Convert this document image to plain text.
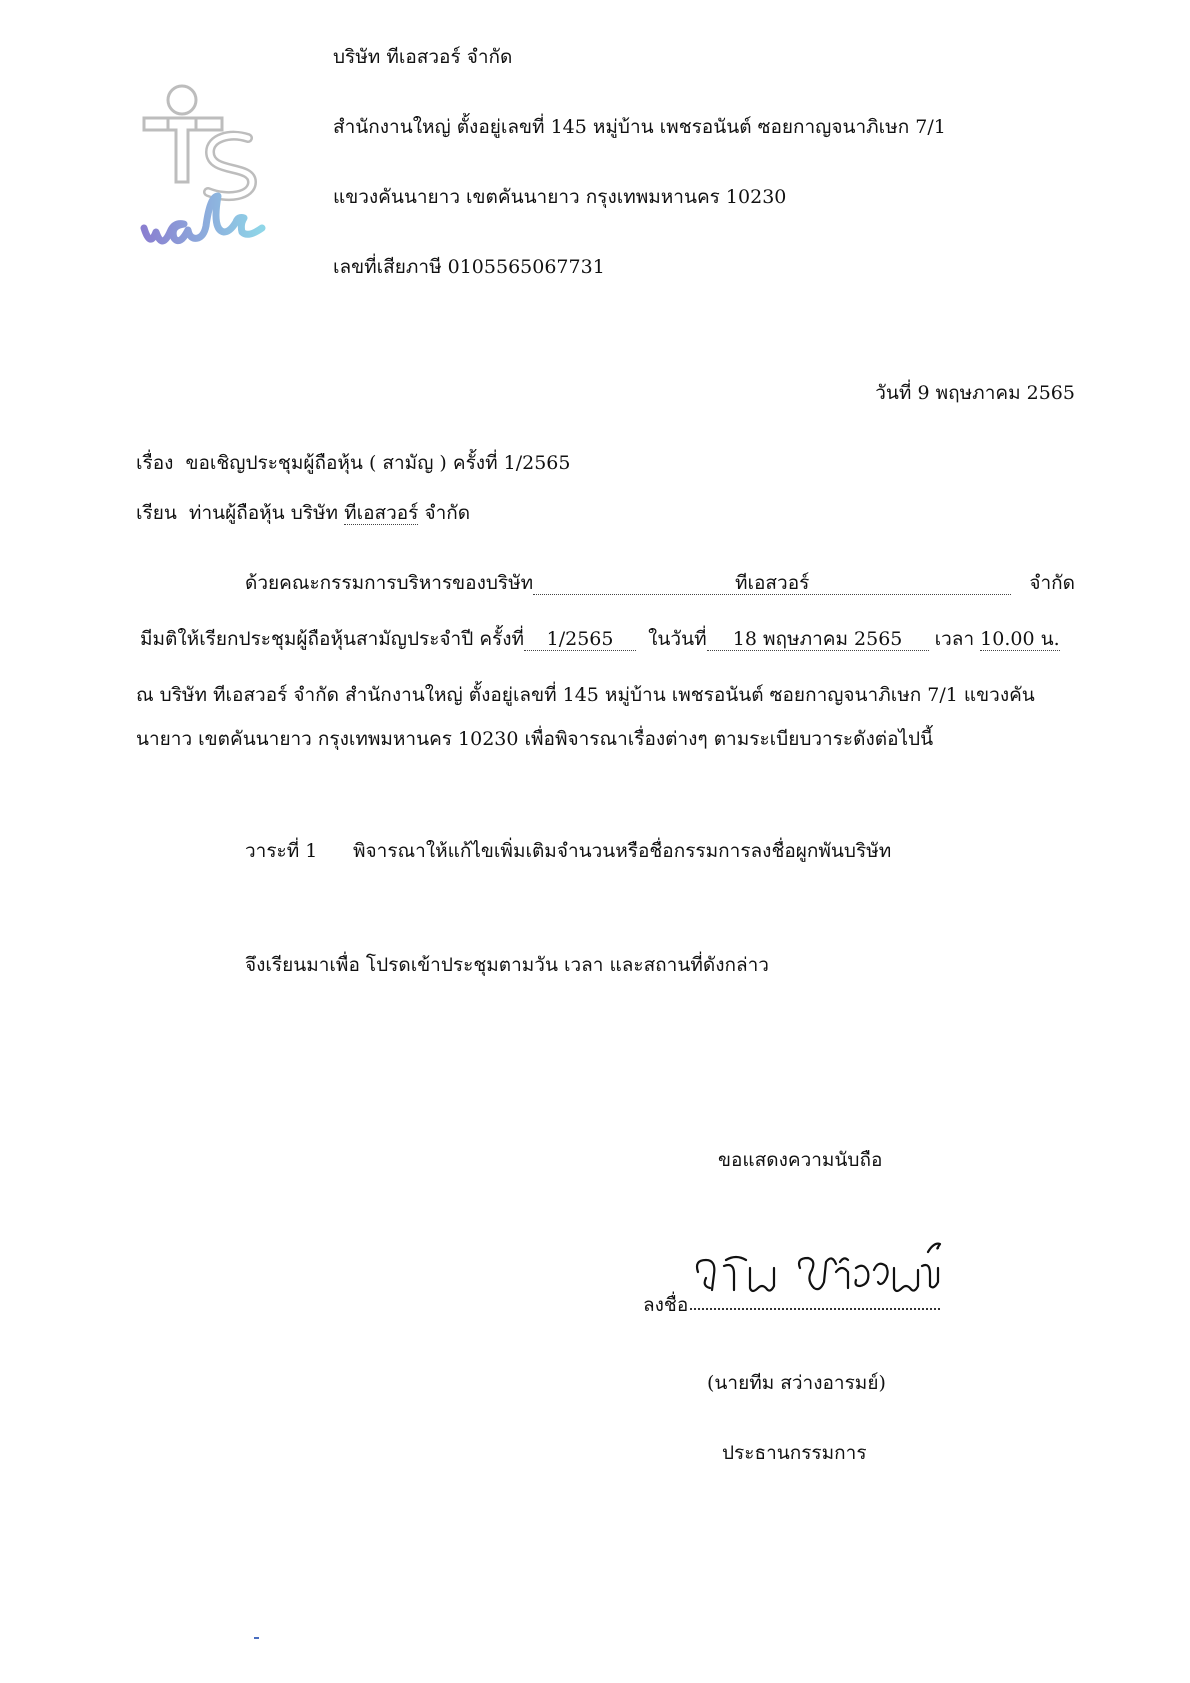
บริษัท ทีเอสวอร์ จำกัด
สำนักงานใหญ่ ตั้งอยู่เลขที่ 145 หมู่บ้าน เพชรอนันต์ ซอยกาญจนาภิเษก 7/1
แขวงคันนายาว เขตคันนายาว กรุงเทพมหานคร 10230
เลขที่เสียภาษี 0105565067731
วันที่ 9 พฤษภาคม 2565
เรื่อง ขอเชิญประชุมผู้ถือหุ้น ( สามัญ ) ครั้งที่ 1/2565
เรียน ท่านผู้ถือหุ้น บริษัท ทีเอสวอร์ จำกัด
ด้วยคณะกรรมการบริหารของบริษัท	ทีเอสวอร์	จำกัด
มีมติให้เรียกประชุมผู้ถือหุ้นสามัญประจำปี ครั้งที่ 1/2565 ในวันที่ 18 พฤษภาคม 2565 เวลา 10.00 น.
ณ บริษัท ทีเอสวอร์ จำกัด สำนักงานใหญ่ ตั้งอยู่เลขที่ 145 หมู่บ้าน เพชรอนันต์ ซอยกาญจนาภิเษก 7/1 แขวงคัน
นายาว เขตคันนายาว กรุงเทพมหานคร 10230 เพื่อพิจารณาเรื่องต่างๆ ตามระเบียบวาระดังต่อไปนี้
วาระที่ 1 พิจารณาให้แก้ไขเพิ่มเติมจำนวนหรือชื่อกรรมการลงชื่อผูกพันบริษัท
จึงเรียนมาเพื่อ โปรดเข้าประชุมตามวัน เวลา และสถานที่ดังกล่าว
ขอแสดงความนับถือ
ลงชื่อ
(นายทีม สว่างอารมย์)
ประธานกรรมการ
